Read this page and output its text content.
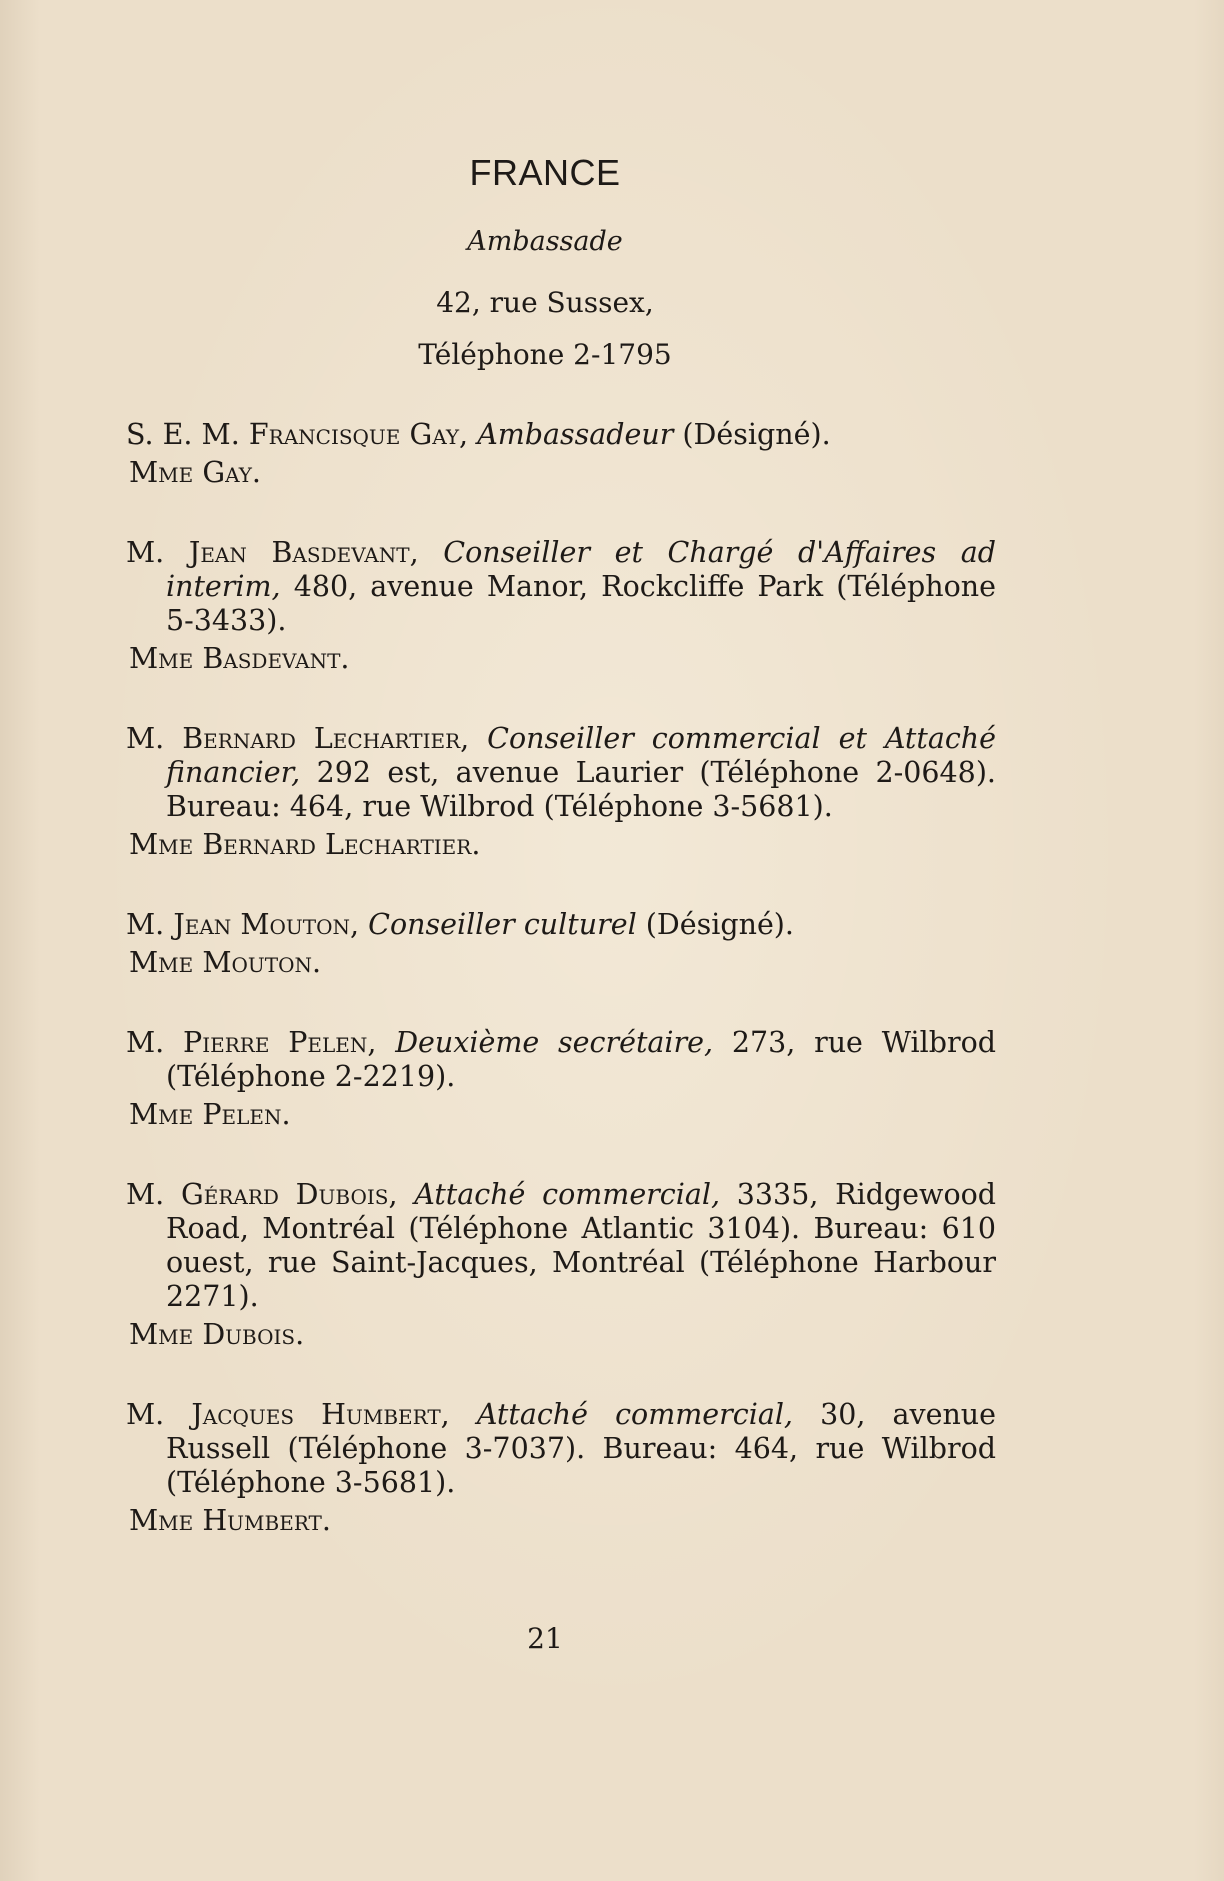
FRANCE
Ambassade
42, rue Sussex,
Téléphone 2-1795

S. E. M. Francisque Gay, Ambassadeur (Désigné).

Mme Gay.

M. Jean Basdevant, Conseiller et Chargé d'Affaires ad interim, 480, avenue Manor, Rockcliffe Park (Téléphone 5-3433).

Mme Basdevant.

M. Bernard Lechartier, Conseiller commercial et Attaché financier, 292 est, avenue Laurier (Téléphone 2-0648). Bureau: 464, rue Wilbrod (Téléphone 3-5681).

Mme Bernard Lechartier.

M. Jean Mouton, Conseiller culturel (Désigné).

Mme Mouton.

M. Pierre Pelen, Deuxième secrétaire, 273, rue Wilbrod (Téléphone 2-2219).

Mme Pelen.

M. Gérard Dubois, Attaché commercial, 3335, Ridgewood Road, Montréal (Téléphone Atlantic 3104). Bureau: 610 ouest, rue Saint-Jacques, Montréal (Téléphone Harbour 2271).

Mme Dubois.

M. Jacques Humbert, Attaché commercial, 30, avenue Russell (Téléphone 3-7037). Bureau: 464, rue Wilbrod (Téléphone 3-5681).

Mme Humbert.

21
